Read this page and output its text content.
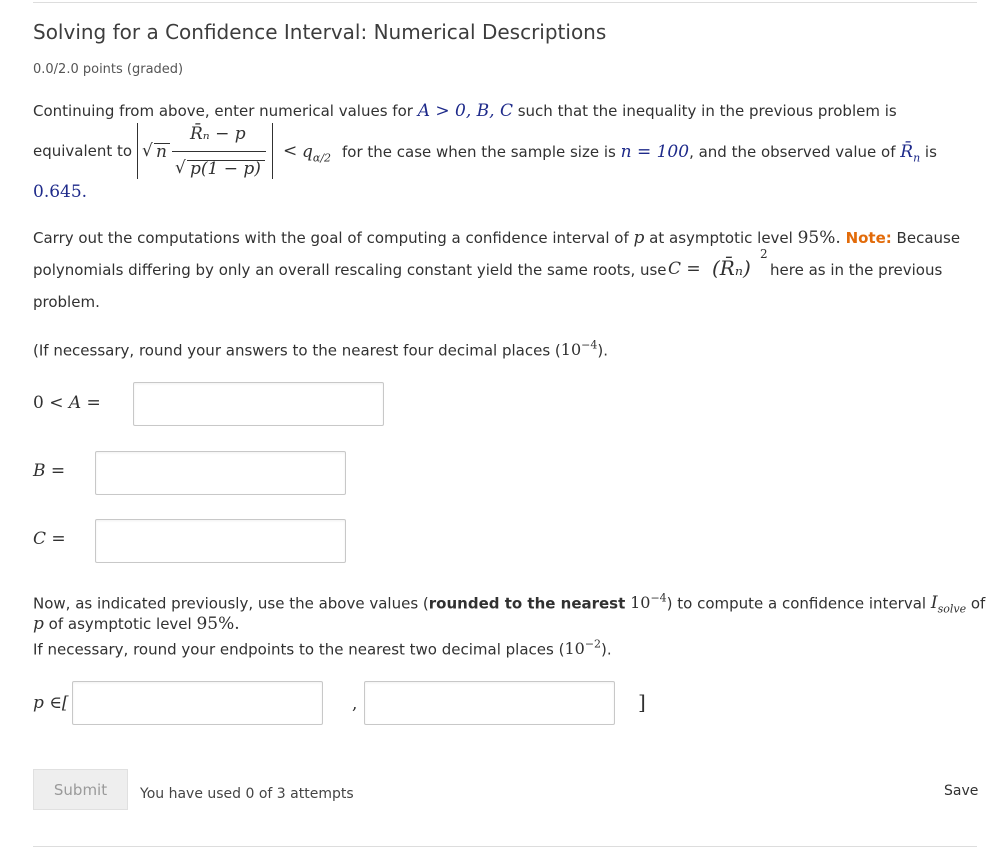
Solving for a Confidence Interval: Numerical Descriptions
0.0/2.0 points (graded)
Continuing from above, enter numerical values for A > 0, B, C such that the inequality in the previous problem is
equivalent to √ n
R̄ₙ − p
√ p(1 − p)
< $q_{\alpha/2}$ for the case when the sample size is n = 100, and the observed value of $R̄_n$ is
0.645.
Carry out the computations with the goal of computing a confidence interval of p at asymptotic level 95%. Note: Because
polynomials differing by only an overall rescaling constant yield the same roots, use C = (R̄ₙ)
2
here as in the previous
problem.
(If necessary, round your answers to the nearest four decimal places $(10^{-4})$.
0 < A =
B =
C =
Now, as indicated previously, use the above values (rounded to the nearest $10^{-4}$) to compute a confidence interval $I_{solve}$ of
p of asymptotic level 95%.
If necessary, round your endpoints to the nearest two decimal places $(10^{-2})$.
p ∈[	,	]
Submit	You have used 0 of 3 attempts	Save
